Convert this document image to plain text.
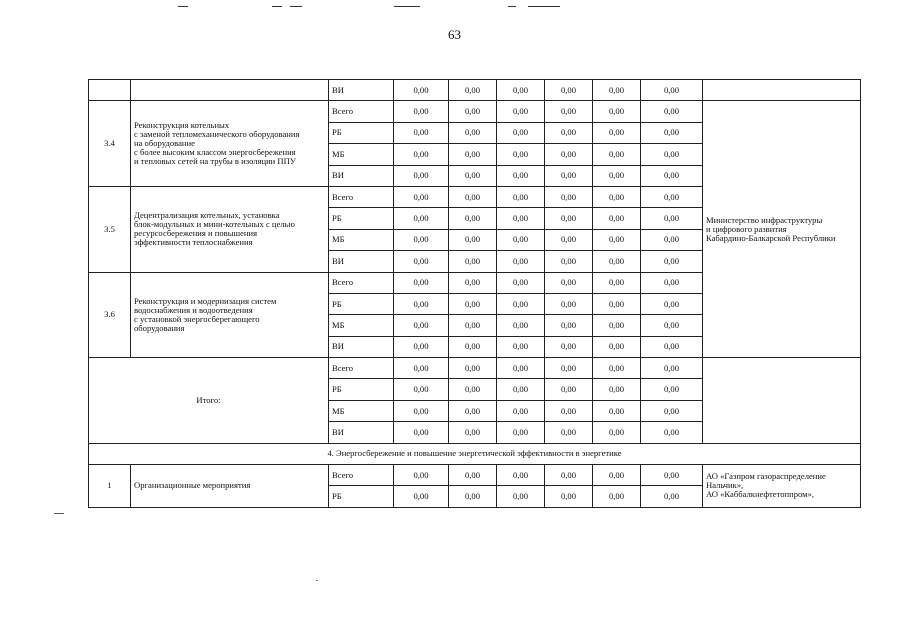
63
		ВИ	0,00	0,00	0,00	0,00	0,00	0,00	
3.4	Реконструкция котельных
с заменой тепломеханического оборудования
на оборудование
с более высоким классом энергосбережения
и тепловых сетей на трубы в изоляции ППУ	Всего	0,00	0,00	0,00	0,00	0,00	0,00	Министерство инфраструктуры
и цифрового развития
Кабардино-Балкарской Республики

		РБ	0,00	0,00	0,00	0,00	0,00	0,00	
		МБ	0,00	0,00	0,00	0,00	0,00	0,00	
		ВИ	0,00	0,00	0,00	0,00	0,00	0,00	
3.5	Децентрализация котельных, установка
блок-модульных и мини-котельных с целью
ресурсосбережения и повышения
эффективности теплоснабжения	Всего	0,00	0,00	0,00	0,00	0,00	0,00	
		РБ	0,00	0,00	0,00	0,00	0,00	0,00	
		МБ	0,00	0,00	0,00	0,00	0,00	0,00	
		ВИ	0,00	0,00	0,00	0,00	0,00	0,00	
3.6	Реконструкция и модернизация систем
водоснабжения и водоотведения
с установкой энергосберегающего
оборудования	Всего	0,00	0,00	0,00	0,00	0,00	0,00	
		РБ	0,00	0,00	0,00	0,00	0,00	0,00	
		МБ	0,00	0,00	0,00	0,00	0,00	0,00	
		ВИ	0,00	0,00	0,00	0,00	0,00	0,00	
Итого:		Всего	0,00	0,00	0,00	0,00	0,00	0,00	
		РБ	0,00	0,00	0,00	0,00	0,00	0,00	
		МБ	0,00	0,00	0,00	0,00	0,00	0,00	
		ВИ	0,00	0,00	0,00	0,00	0,00	0,00	
4. Энергосбережение и повышение энергетической эффективности в энергетике									
1	Организационные мероприятия	Всего	0,00	0,00	0,00	0,00	0,00	0,00	АО «Газпром газораспределение
Нальчик»,
АО «Каббалкнефтетоппром»,

		РБ	0,00	0,00	0,00	0,00	0,00	0,00	
